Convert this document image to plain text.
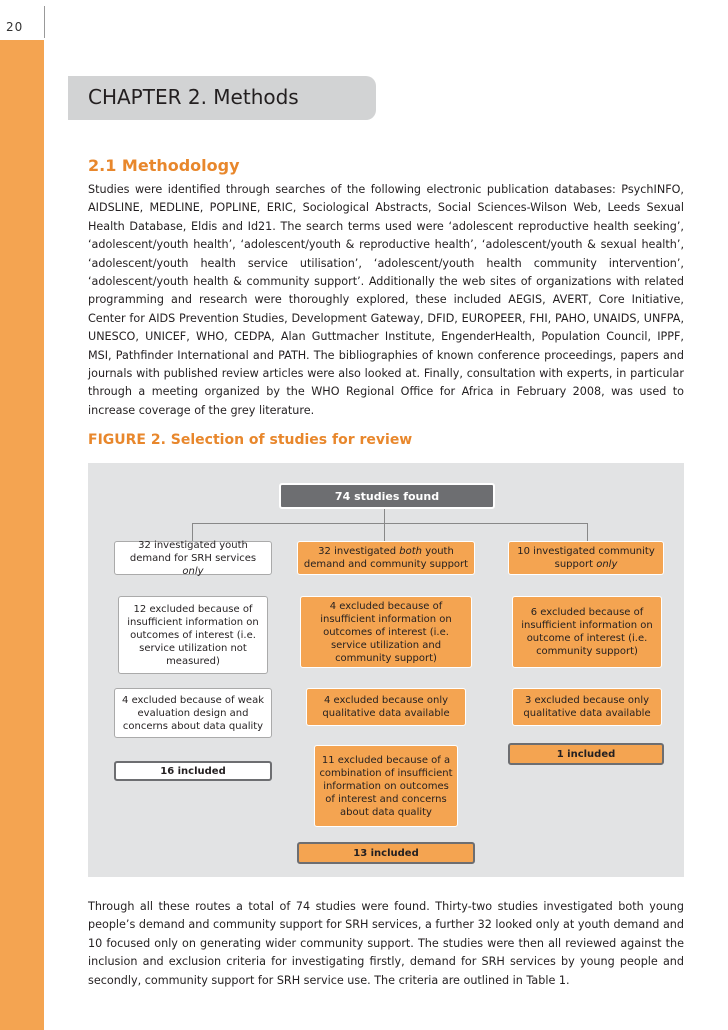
20
CHAPTER 2. Methods
2.1 Methodology
Studies were identified through searches of the following electronic publication databases: PsychINFO, AIDSLINE, MEDLINE, POPLINE, ERIC, Sociological Abstracts, Social Sciences-Wilson Web, Leeds Sexual Health Database, Eldis and Id21. The search terms used were ‘adolescent reproductive health seeking’, ‘adolescent/youth health’, ‘adolescent/youth & reproductive health’, ‘adolescent/youth & sexual health’, ‘adolescent/youth health service utilisation’, ‘adolescent/youth health community intervention’, ‘adolescent/youth health & community support’. Additionally the web sites of organizations with related programming and research were thoroughly explored, these included AEGIS, AVERT, Core Initiative, Center for AIDS Prevention Studies, Development Gateway, DFID, EUROPEER, FHI, PAHO, UNAIDS, UNFPA, UNESCO, UNICEF, WHO, CEDPA, Alan Guttmacher Institute, EngenderHealth, Population Council, IPPF, MSI, Pathfinder International and PATH. The bibliographies of known conference proceedings, papers and journals with published review articles were also looked at. Finally, consultation with experts, in particular through a meeting organized by the WHO Regional Office for Africa in February 2008, was used to increase coverage of the grey literature.
FIGURE 2. Selection of studies for review
74
studies found
32 investigated youth demand for SRH services only
12 excluded because of insufficient information on outcomes of interest (i.e. service utilization not measured)
4 excluded because of weak evaluation design and concerns about data quality
16 included
32 investigated both youth demand and community support
4 excluded because of insufficient information on outcomes of interest (i.e. service utilization and community support)
4 excluded because only qualitative data available
11 excluded because of a combination of insufficient information on outcomes of interest and concerns about data quality
13 included
10 investigated community support only
6 excluded because of insufficient information on outcome of interest (i.e. community support)
3 excluded because only qualitative data available
1 included
Through all these routes a total of 74 studies were found. Thirty-two studies investigated both young people’s demand and community support for SRH services, a further 32 looked only at youth demand and 10 focused only on generating wider community support. The studies were then all reviewed against the inclusion and exclusion criteria for investigating firstly, demand for SRH services by young people and secondly, community support for SRH service use. The criteria are outlined in Table 1.
